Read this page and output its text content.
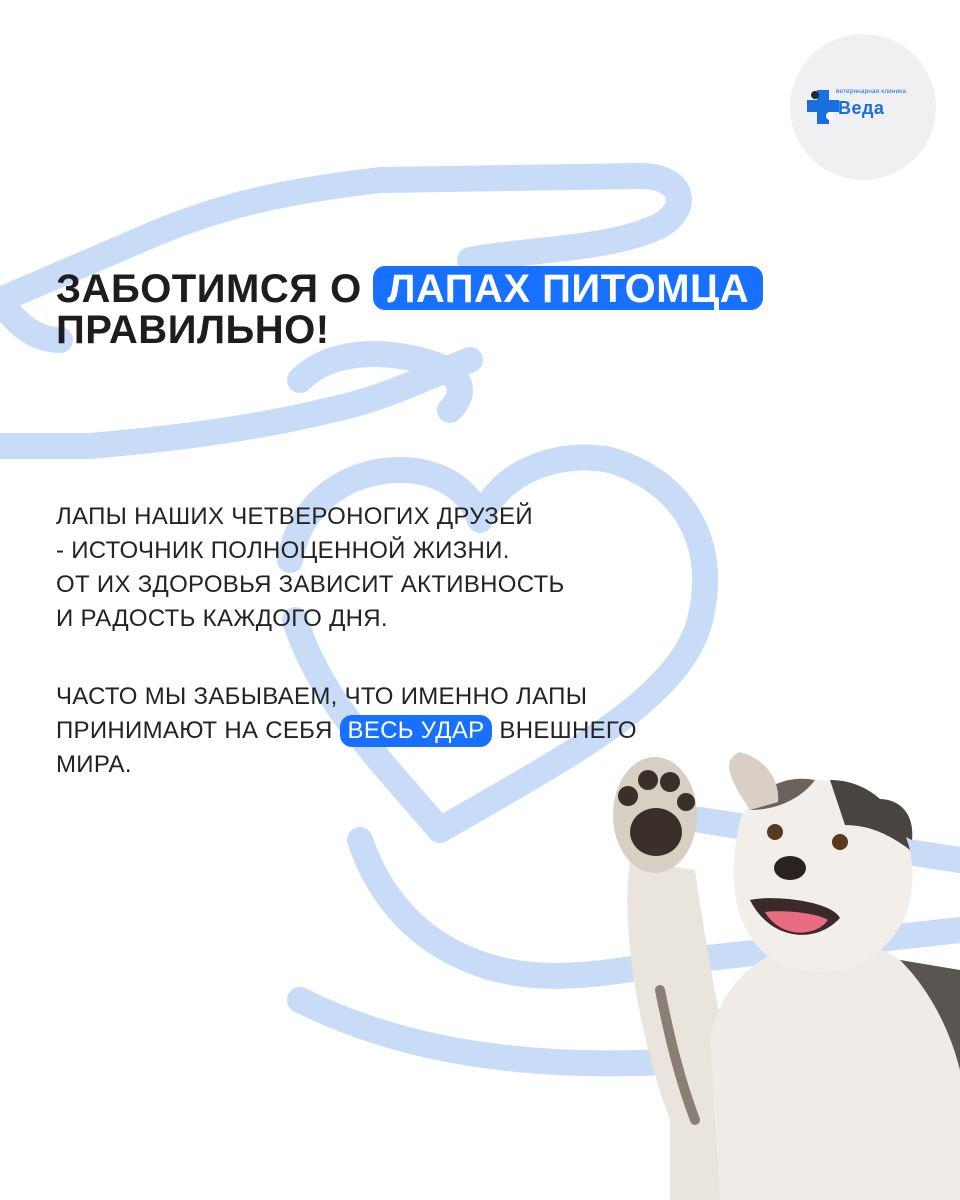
ветеринарная клиника
Веда
ЗАБОТИМСЯ О ЛАПАХ ПИТОМЦА
ПРАВИЛЬНО!
ЛАПЫ НАШИХ ЧЕТВЕРОНОГИХ ДРУЗЕЙ
- ИСТОЧНИК ПОЛНОЦЕННОЙ ЖИЗНИ.
ОТ ИХ ЗДОРОВЬЯ ЗАВИСИТ АКТИВНОСТЬ
И РАДОСТЬ КАЖДОГО ДНЯ.
ЧАСТО МЫ ЗАБЫВАЕМ, ЧТО ИМЕННО ЛАПЫ
ПРИНИМАЮТ НА СЕБЯ ВЕСЬ УДАР ВНЕШНЕГО
МИРА.
